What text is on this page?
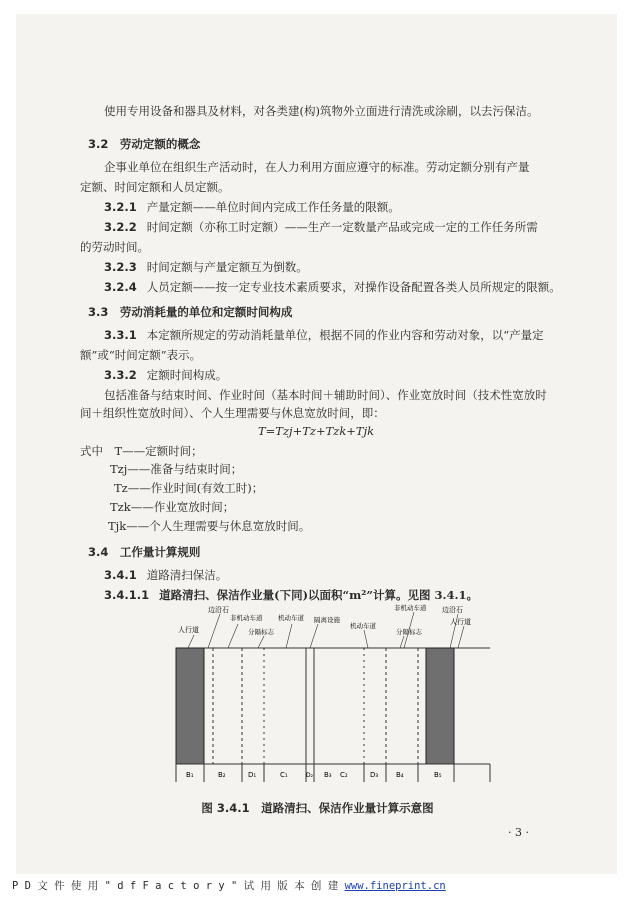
使用专用设备和器具及材料，对各类建(构)筑物外立面进行清洗或涂刷，以去污保洁。
3.2　劳动定额的概念
企事业单位在组织生产活动时，在人力利用方面应遵守的标准。劳动定额分别有产量
定额、时间定额和人员定额。
3.2.1 产量定额——单位时间内完成工作任务量的限额。
3.2.2 时间定额（亦称工时定额）——生产一定数量产品或完成一定的工作任务所需
的劳动时间。
3.2.3 时间定额与产量定额互为倒数。
3.2.4 人员定额——按一定专业技术素质要求，对操作设备配置各类人员所规定的限额。
3.3　劳动消耗量的单位和定额时间构成
3.3.1 本定额所规定的劳动消耗量单位，根据不同的作业内容和劳动对象，以“产量定
额”或“时间定额”表示。
3.3.2 定额时间构成。
包括准备与结束时间、作业时间（基本时间＋辅助时间）、作业宽放时间（技术性宽放时
间＋组织性宽放时间）、个人生理需要与休息宽放时间，即：
T=Tzj+Tz+Tzk+Tjk
式中　T——定额时间；
Tzj——准备与结束时间；
Tz——作业时间(有效工时)；
Tzk——作业宽放时间；
Tjk——个人生理需要与休息宽放时间。
3.4　工作量计算规则
3.4.1 道路清扫保洁。
3.4.1.1 道路清扫、保洁作业量(下同)以面积“m²”计算。见图 3.4.1。
B₁	B₂	D₁	C₁	D₂ B₃ C₂	D₃	B₄	B₅
人行道
边沿石
非机动车道 机动车道
分隔标志
隔离设施
机动车道
分隔标志
非机动车道 边沿石
人行道
图 3.4.1　道路清扫、保洁作业量计算示意图
· 3 ·
P D 文 件 使 用 " d f F a c t o r y " 试 用 版 本 创 建 www.fineprint.cn
